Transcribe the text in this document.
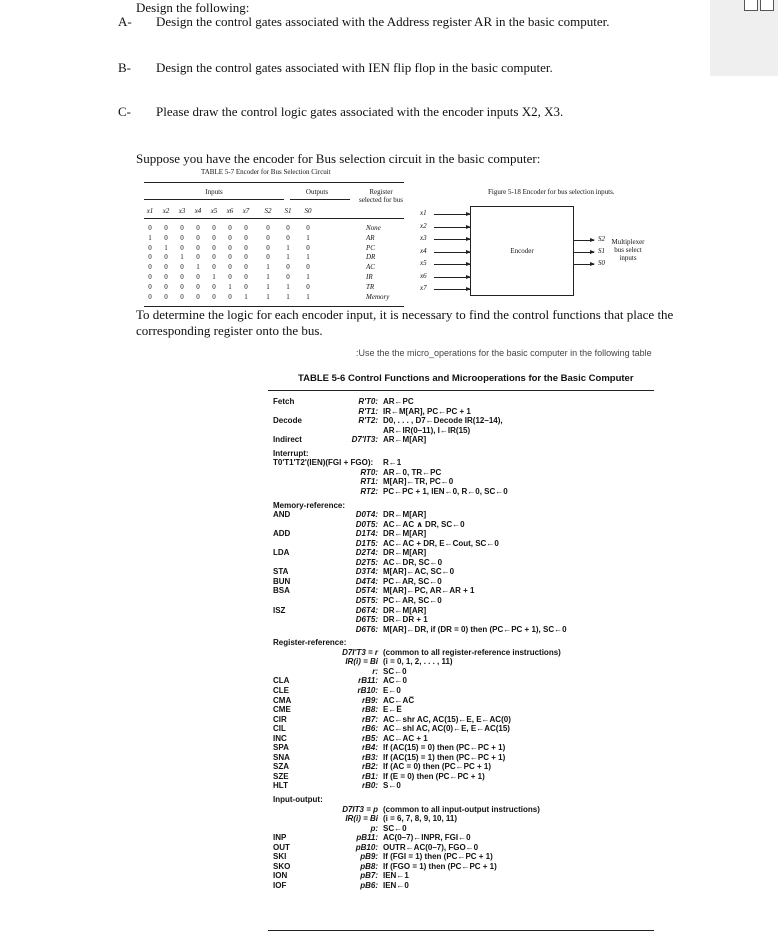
Design the following:
A-	Design the control gates associated with the Address register AR in the basic computer.
B-	Design the control gates associated with IEN flip flop in the basic computer.
C-	Please draw the control logic gates associated with the encoder inputs X2, X3.
Suppose you have the encoder for Bus selection circuit in the basic computer:
TABLE 5-7 Encoder for Bus Selection Circuit
Inputs	Outputs	Register selected for bus
x1	x2	x3	x4	x5	x6	x7	S2	S1	S0
0	0	0	0	0	0	0	0	0	0	None
1	0	0	0	0	0	0	0	0	1	AR
0	1	0	0	0	0	0	0	1	0	PC
0	0	1	0	0	0	0	0	1	1	DR
0	0	0	1	0	0	0	1	0	0	AC
0	0	0	0	1	0	0	1	0	1	IR
0	0	0	0	0	1	0	1	1	0	TR
0	0	0	0	0	0	1	1	1	1	Memory
Figure 5-18 Encoder for bus selection inputs.
Encoder
Multiplexer bus select inputs
x1
x2
x3
x4
x5
x6
x7
S2
S1
S0
To determine the logic for each encoder input, it is necessary to find the control functions that place the corresponding register onto the bus.
:Use the the micro_operations for the basic computer in the following table
TABLE 5-6 Control Functions and Microoperations for the Basic Computer
Fetch	R'T0: AR←PC
R'T1: IR←M[AR], PC←PC + 1
Decode	R'T2: D0, . . . , D7←Decode IR(12–14),
AR←IR(0–11), I←IR(15)
Indirect	D7'IT3: AR←M[AR]
Interrupt:
T0'T1'T2'(IEN)(FGI + FGO): R←1
RT0: AR←0, TR←PC
RT1: M[AR]←TR, PC←0
RT2: PC←PC + 1, IEN←0, R←0, SC←0
Memory-reference:
AND	D0T4: DR←M[AR]
D0T5: AC←AC ∧ DR, SC←0
ADD	D1T4: DR←M[AR]
D1T5: AC←AC + DR, E←Cout, SC←0
LDA	D2T4: DR←M[AR]
D2T5: AC←DR, SC←0
STA	D3T4: M[AR]←AC, SC←0
BUN	D4T4: PC←AR, SC←0
BSA	D5T4: M[AR]←PC, AR←AR + 1
D5T5: PC←AR, SC←0
ISZ	D6T4: DR←M[AR]
D6T5: DR←DR + 1
D6T6: M[AR]←DR, if (DR = 0) then (PC←PC + 1), SC←0
Register-reference:
D7I'T3 = r (common to all register-reference instructions)
IR(i) = Bi (i = 0, 1, 2, . . . , 11)
r: SC←0
CLA	rB11: AC←0
CLE	rB10: E←0
CMA	rB9: AC←AC̅
CME	rB8: E←E̅
CIR	rB7: AC←shr AC, AC(15)←E, E←AC(0)
CIL	rB6: AC←shl AC, AC(0)←E, E←AC(15)
INC	rB5: AC←AC + 1
SPA	rB4: If (AC(15) = 0) then (PC←PC + 1)
SNA	rB3: If (AC(15) = 1) then (PC←PC + 1)
SZA	rB2: If (AC = 0) then (PC←PC + 1)
SZE	rB1: If (E = 0) then (PC←PC + 1)
HLT	rB0: S←0
Input-output:
D7IT3 = p (common to all input-output instructions)
IR(i) = Bi (i = 6, 7, 8, 9, 10, 11)
p: SC←0
INP	pB11: AC(0–7)←INPR, FGI←0
OUT	pB10: OUTR←AC(0–7), FGO←0
SKI	pB9: If (FGI = 1) then (PC←PC + 1)
SKO	pB8: If (FGO = 1) then (PC←PC + 1)
ION	pB7: IEN←1
IOF	pB6: IEN←0
